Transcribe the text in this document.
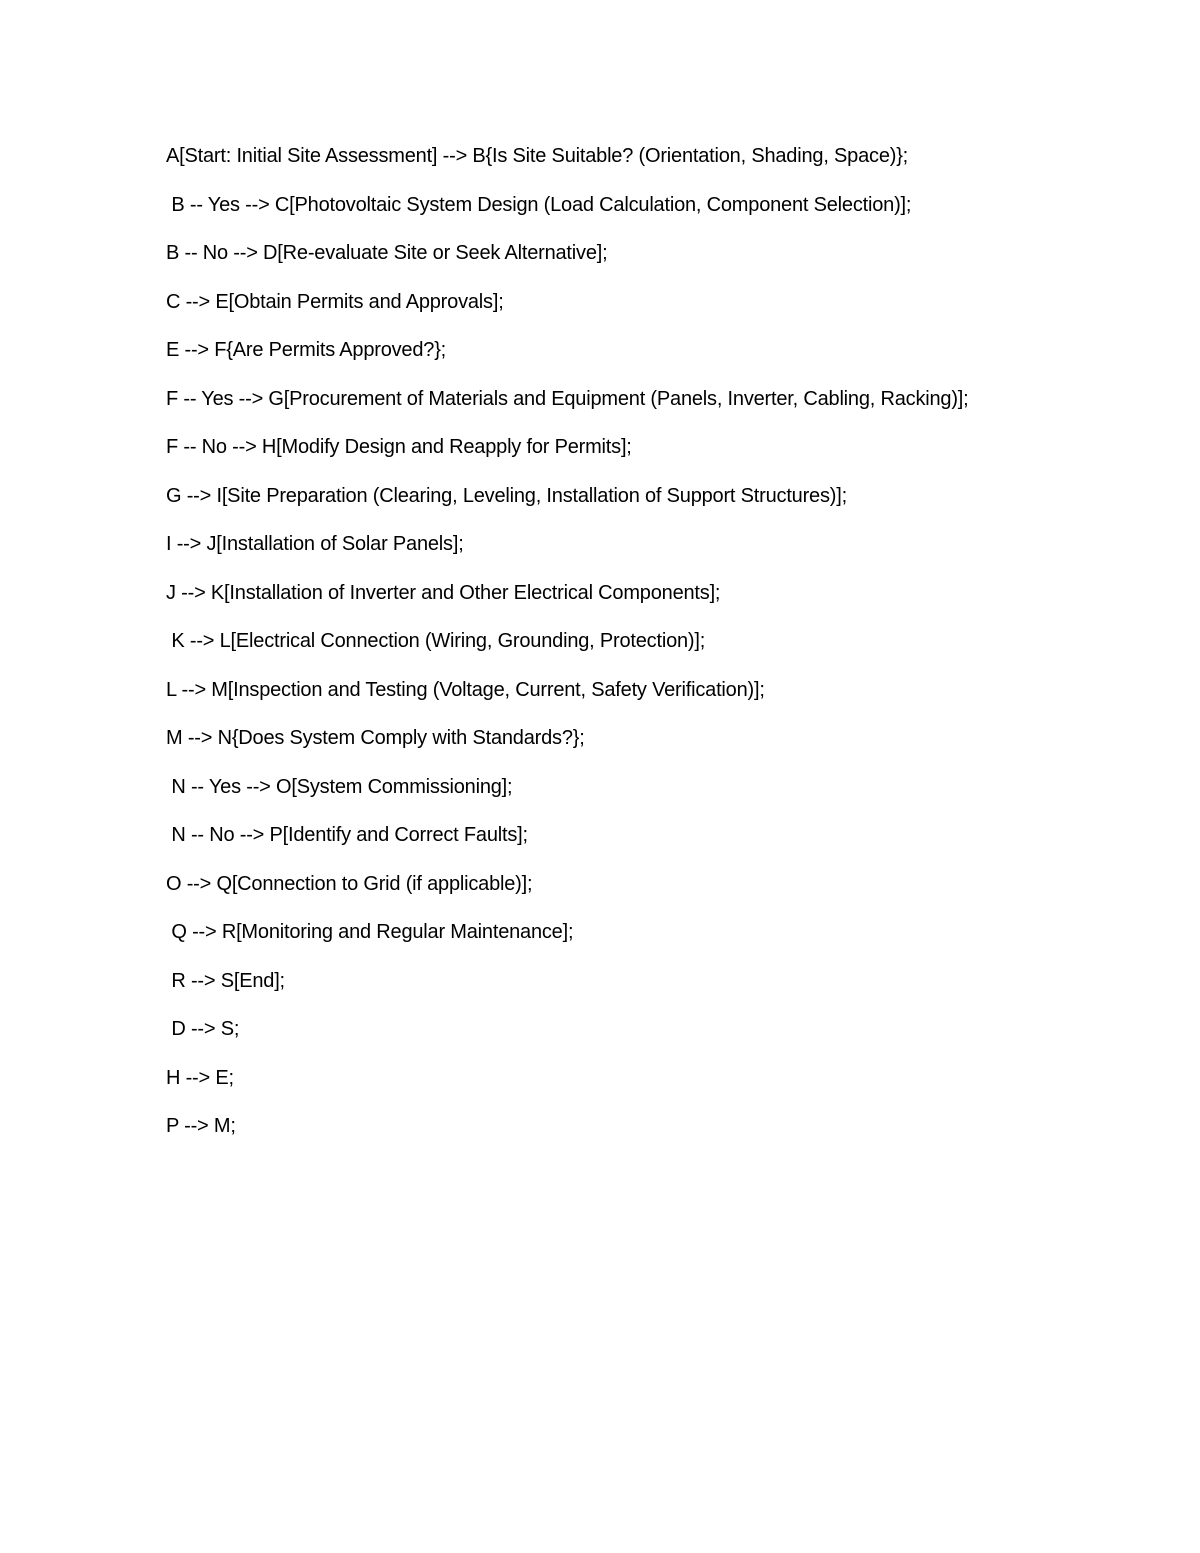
A[Start: Initial Site Assessment] --> B{Is Site Suitable? (Orientation, Shading, Space)};

B -- Yes --> C[Photovoltaic System Design (Load Calculation, Component Selection)];

B -- No --> D[Re-evaluate Site or Seek Alternative];

C --> E[Obtain Permits and Approvals];

E --> F{Are Permits Approved?};

F -- Yes --> G[Procurement of Materials and Equipment (Panels, Inverter, Cabling, Racking)];

F -- No --> H[Modify Design and Reapply for Permits];

G --> I[Site Preparation (Clearing, Leveling, Installation of Support Structures)];

I --> J[Installation of Solar Panels];

J --> K[Installation of Inverter and Other Electrical Components];

K --> L[Electrical Connection (Wiring, Grounding, Protection)];

L --> M[Inspection and Testing (Voltage, Current, Safety Verification)];

M --> N{Does System Comply with Standards?};

N -- Yes --> O[System Commissioning];

N -- No --> P[Identify and Correct Faults];

O --> Q[Connection to Grid (if applicable)];

Q --> R[Monitoring and Regular Maintenance];

R --> S[End];

D --> S;

H --> E;

P --> M;
